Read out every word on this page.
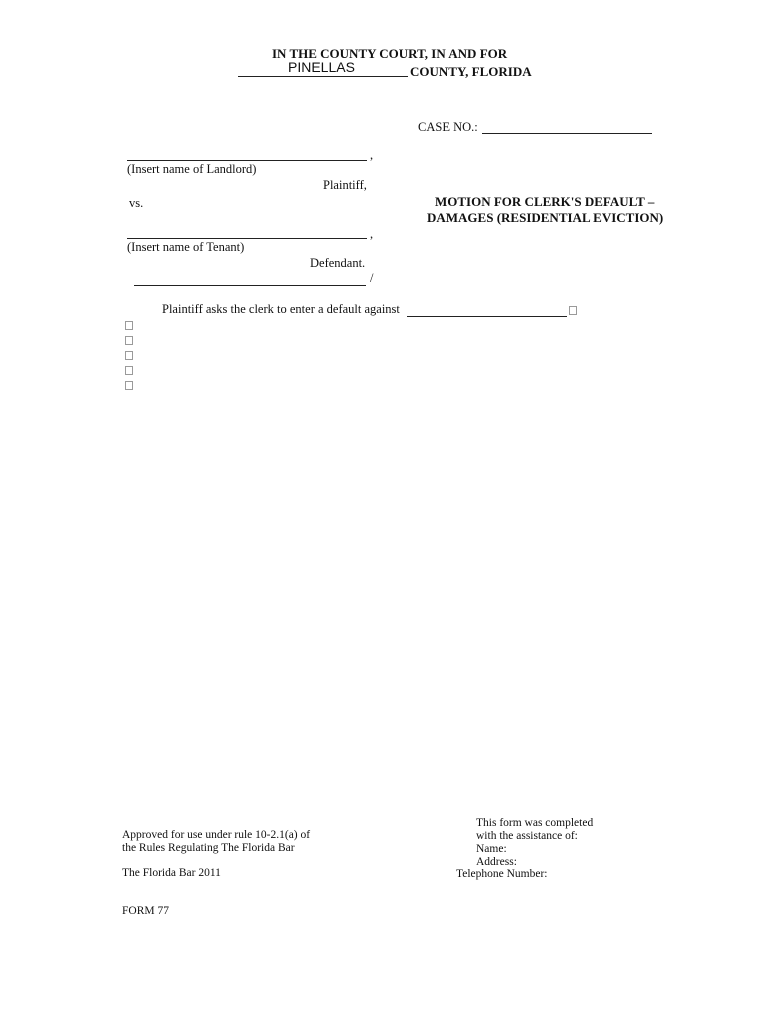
IN THE COUNTY COURT, IN AND FOR
PINELLAS	COUNTY, FLORIDA
CASE NO.:
,
(Insert name of Landlord)
Plaintiff,
vs.	MOTION FOR CLERK'S DEFAULT –
DAMAGES (RESIDENTIAL EVICTION)
,
(Insert name of Tenant)
Defendant.
/
Plaintiff asks the clerk to enter a default against
Approved for use under rule 10-2.1(a) of
the Rules Regulating The Florida Bar
The Florida Bar 2011
FORM 77
This form was completed
with the assistance of:
Name:
Address:
Telephone Number:
